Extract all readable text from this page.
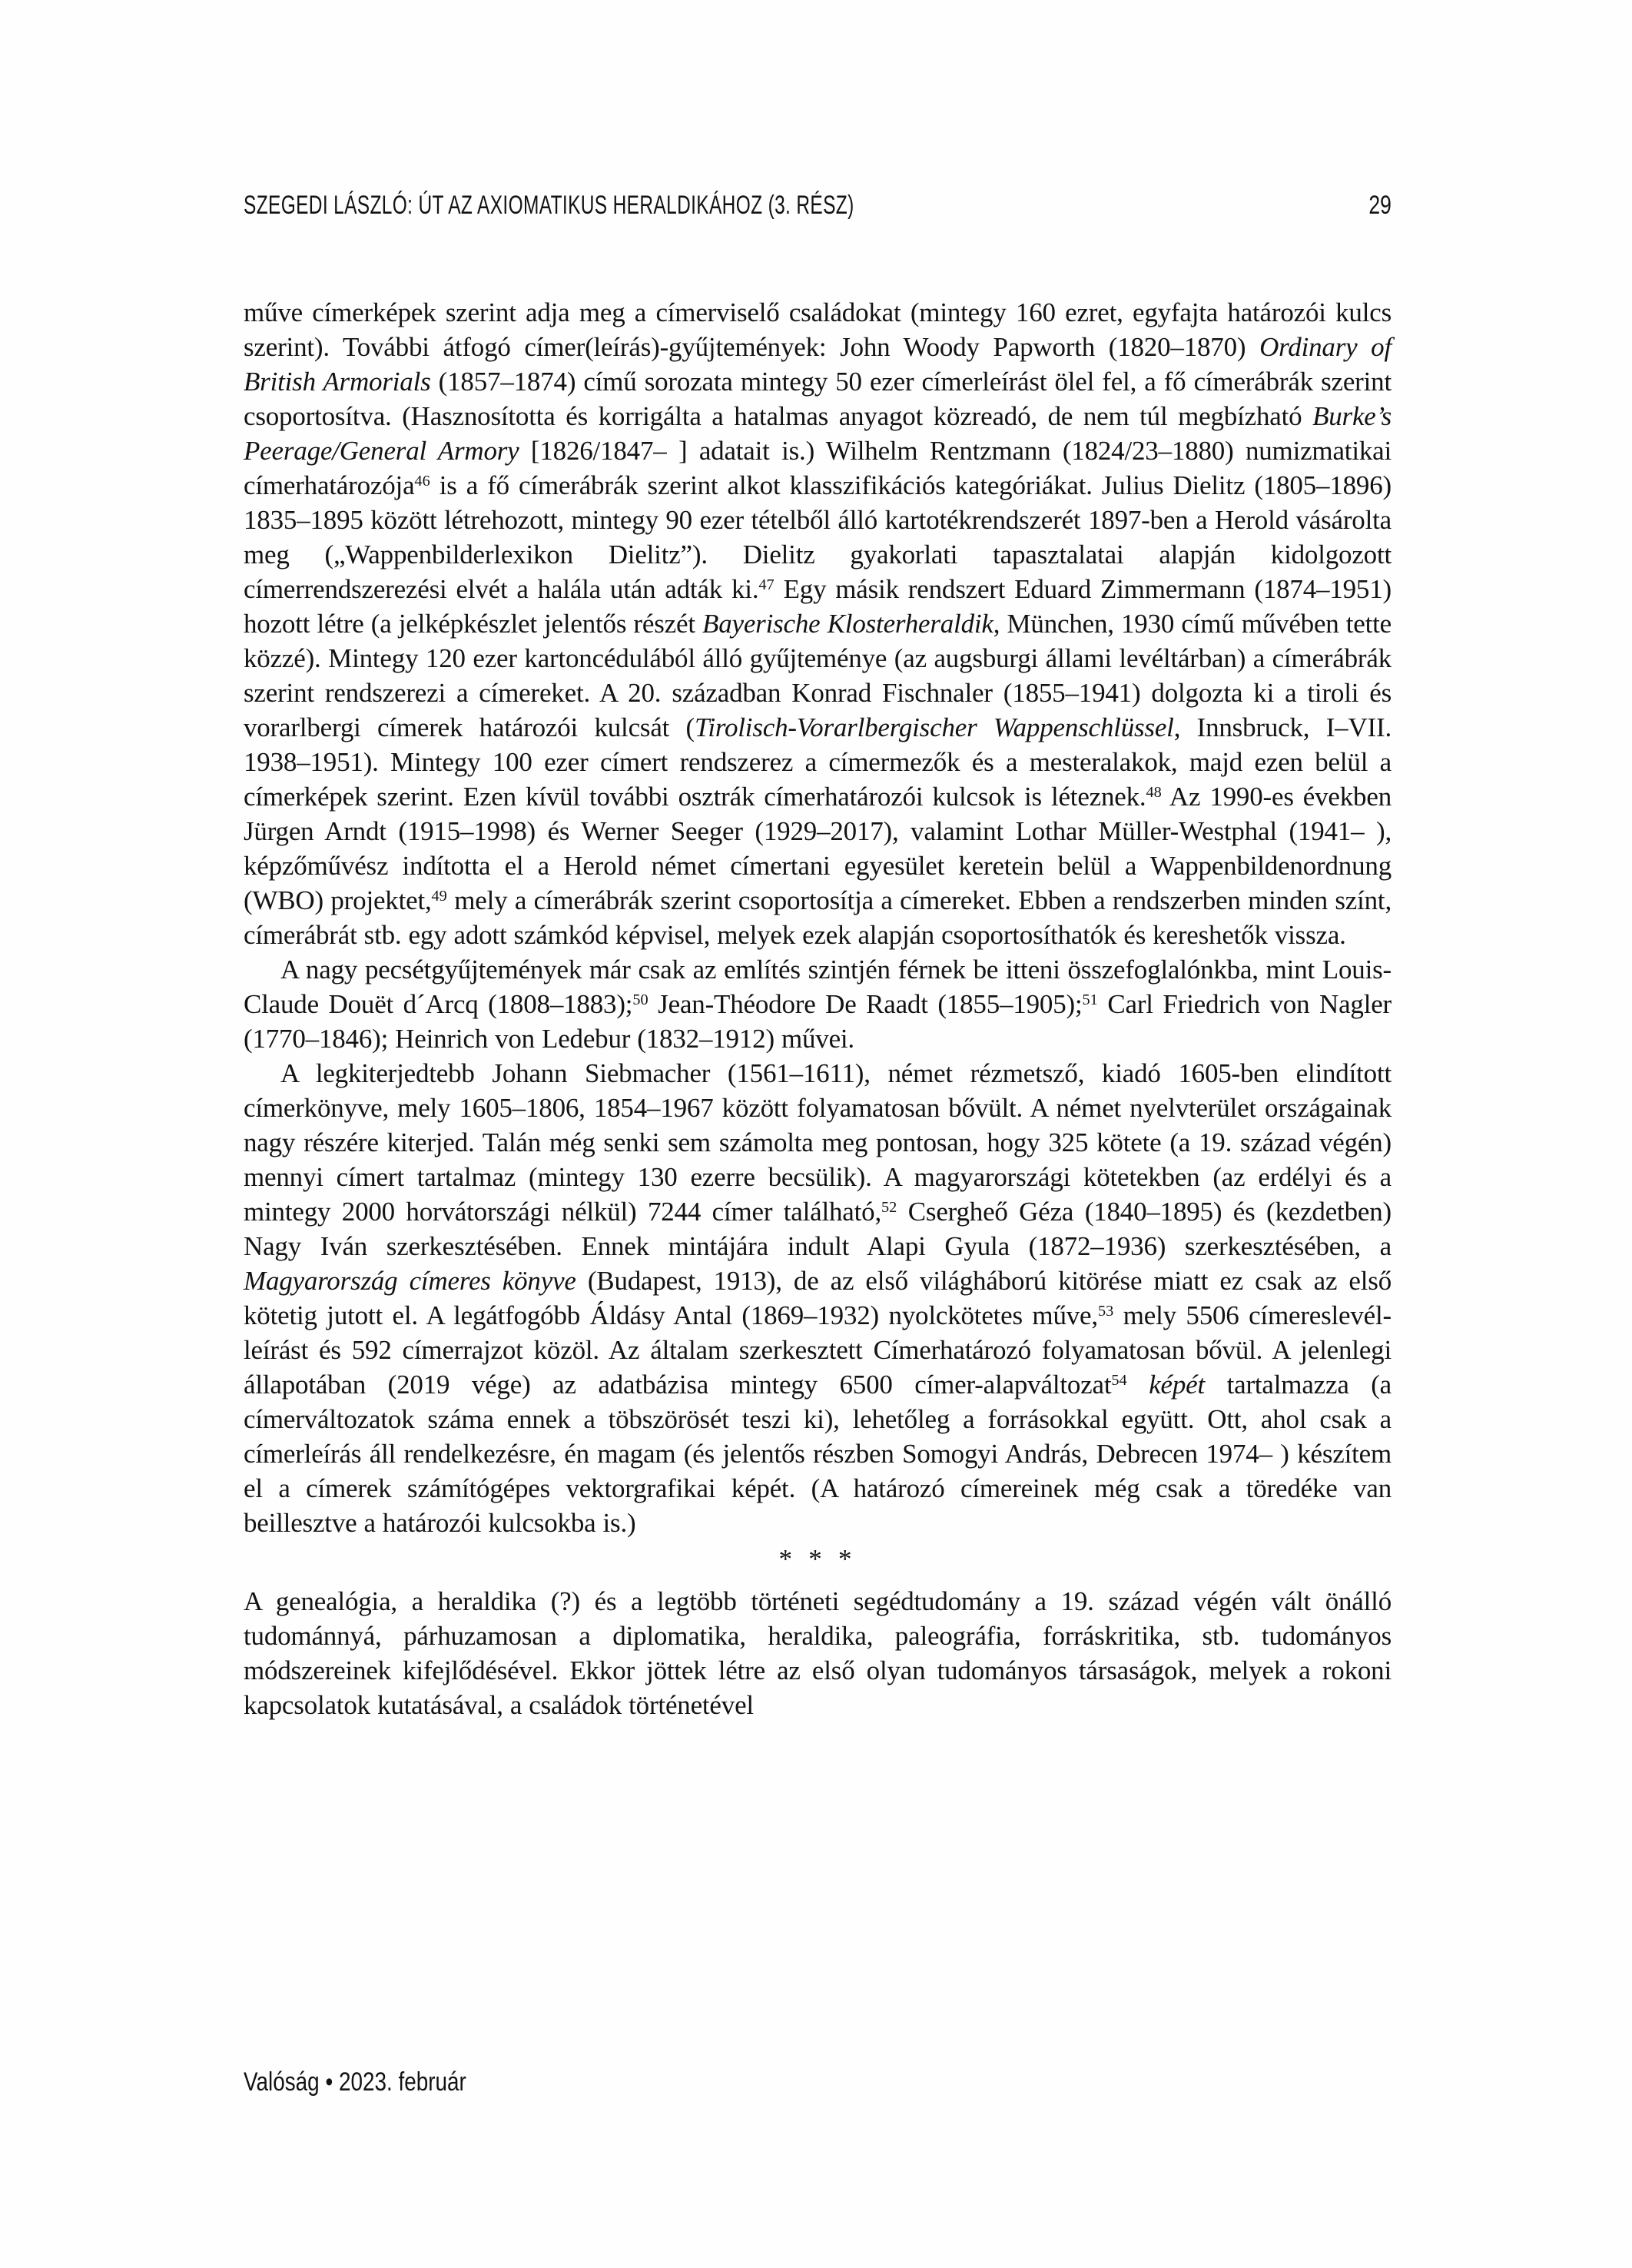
SZEGEDI LÁSZLÓ: ÚT AZ AXIOMATIKUS HERALDIKÁHOZ (3. RÉSZ)	29

műve címerképek szerint adja meg a címerviselő családokat (mintegy 160 ezret, egyfajta határozói kulcs szerint). További átfogó címer(leírás)-gyűjtemények: John Woody Papworth (1820–1870) Ordinary of British Armorials (1857–1874) című sorozata mintegy 50 ezer címerleírást ölel fel, a fő címerábrák szerint csoportosítva. (Hasznosította és korrigálta a hatalmas anyagot közreadó, de nem túl megbízható Burke’s Peerage/General Armory [1826/1847– ] adatait is.) Wilhelm Rentzmann (1824/23–1880) numizmatikai címerhatározója$^{46}$ is a fő címerábrák szerint alkot klasszifikációs kategóriákat. Julius Dielitz (1805–1896) 1835–1895 között létrehozott, mintegy 90 ezer tételből álló kartotékrendszerét 1897-ben a Herold vásárolta meg („Wappenbilderlexikon Dielitz”). Dielitz gyakorlati tapasztalatai alapján kidolgozott címerrendszerezési elvét a halála után adták ki.$^{47}$ Egy másik rendszert Eduard Zimmermann (1874–1951) hozott létre (a jelképkészlet jelentős részét Bayerische Klosterheraldik, München, 1930 című művében tette közzé). Mintegy 120 ezer kartoncédulából álló gyűjteménye (az augsburgi állami levéltárban) a címerábrák szerint rendszerezi a címereket. A 20. században Konrad Fischnaler (1855–1941) dolgozta ki a tiroli és vorarlbergi címerek határozói kulcsát (Tirolisch-Vorarlbergischer Wappenschlüssel, Innsbruck, I–VII. 1938–1951). Mintegy 100 ezer címert rendszerez a címermezők és a mesteralakok, majd ezen belül a címerképek szerint. Ezen kívül további osztrák címerhatározói kulcsok is léteznek.$^{48}$ Az 1990-es években Jürgen Arndt (1915–1998) és Werner Seeger (1929–2017), valamint Lothar Müller-Westphal (1941– ), képzőművész indította el a Herold német címertani egyesület keretein belül a Wappenbildenordnung (WBO) projektet,$^{49}$ mely a címerábrák szerint csoportosítja a címereket. Ebben a rendszerben minden színt, címerábrát stb. egy adott számkód képvisel, melyek ezek alapján csoportosíthatók és kereshetők vissza.

A nagy pecsétgyűjtemények már csak az említés szintjén férnek be itteni összefoglalónkba, mint Louis-Claude Douët d´Arcq (1808–1883);$^{50}$ Jean-Théodore De Raadt (1855–1905);$^{51}$ Carl Friedrich von Nagler (1770–1846); Heinrich von Ledebur (1832–1912) művei.

A legkiterjedtebb Johann Siebmacher (1561–1611), német rézmetsző, kiadó 1605-ben elindított címerkönyve, mely 1605–1806, 1854–1967 között folyamatosan bővült. A német nyelvterület országainak nagy részére kiterjed. Talán még senki sem számolta meg pontosan, hogy 325 kötete (a 19. század végén) mennyi címert tartalmaz (mintegy 130 ezerre becsülik). A magyarországi kötetekben (az erdélyi és a mintegy 2000 horvátországi nélkül) 7244 címer található,$^{52}$ Csergheő Géza (1840–1895) és (kezdetben) Nagy Iván szerkesztésében. Ennek mintájára indult Alapi Gyula (1872–1936) szerkesztésében, a Magyarország címeres könyve (Budapest, 1913), de az első világháború kitörése miatt ez csak az első kötetig jutott el. A legátfogóbb Áldásy Antal (1869–1932) nyolckötetes műve,$^{53}$ mely 5506 címereslevél-leírást és 592 címerrajzot közöl. Az általam szerkesztett Címerhatározó folyamatosan bővül. A jelenlegi állapotában (2019 vége) az adatbázisa mintegy 6500 címer-alapváltozat$^{54}$ képét tartalmazza (a címerváltozatok száma ennek a töbszörösét teszi ki), lehetőleg a forrásokkal együtt. Ott, ahol csak a címerleírás áll rendelkezésre, én magam (és jelentős részben Somogyi András, Debrecen 1974– ) készítem el a címerek számítógépes vektorgrafikai képét. (A határozó címereinek még csak a töredéke van beillesztve a határozói kulcsokba is.)

* * *

A genealógia, a heraldika (?) és a legtöbb történeti segédtudomány a 19. század végén vált önálló tudománnyá, párhuzamosan a diplomatika, heraldika, paleográfia, forráskritika, stb. tudományos módszereinek kifejlődésével. Ekkor jöttek létre az első olyan tudományos társaságok, melyek a rokoni kapcsolatok kutatásával, a családok történetével

Valóság • 2023. február
